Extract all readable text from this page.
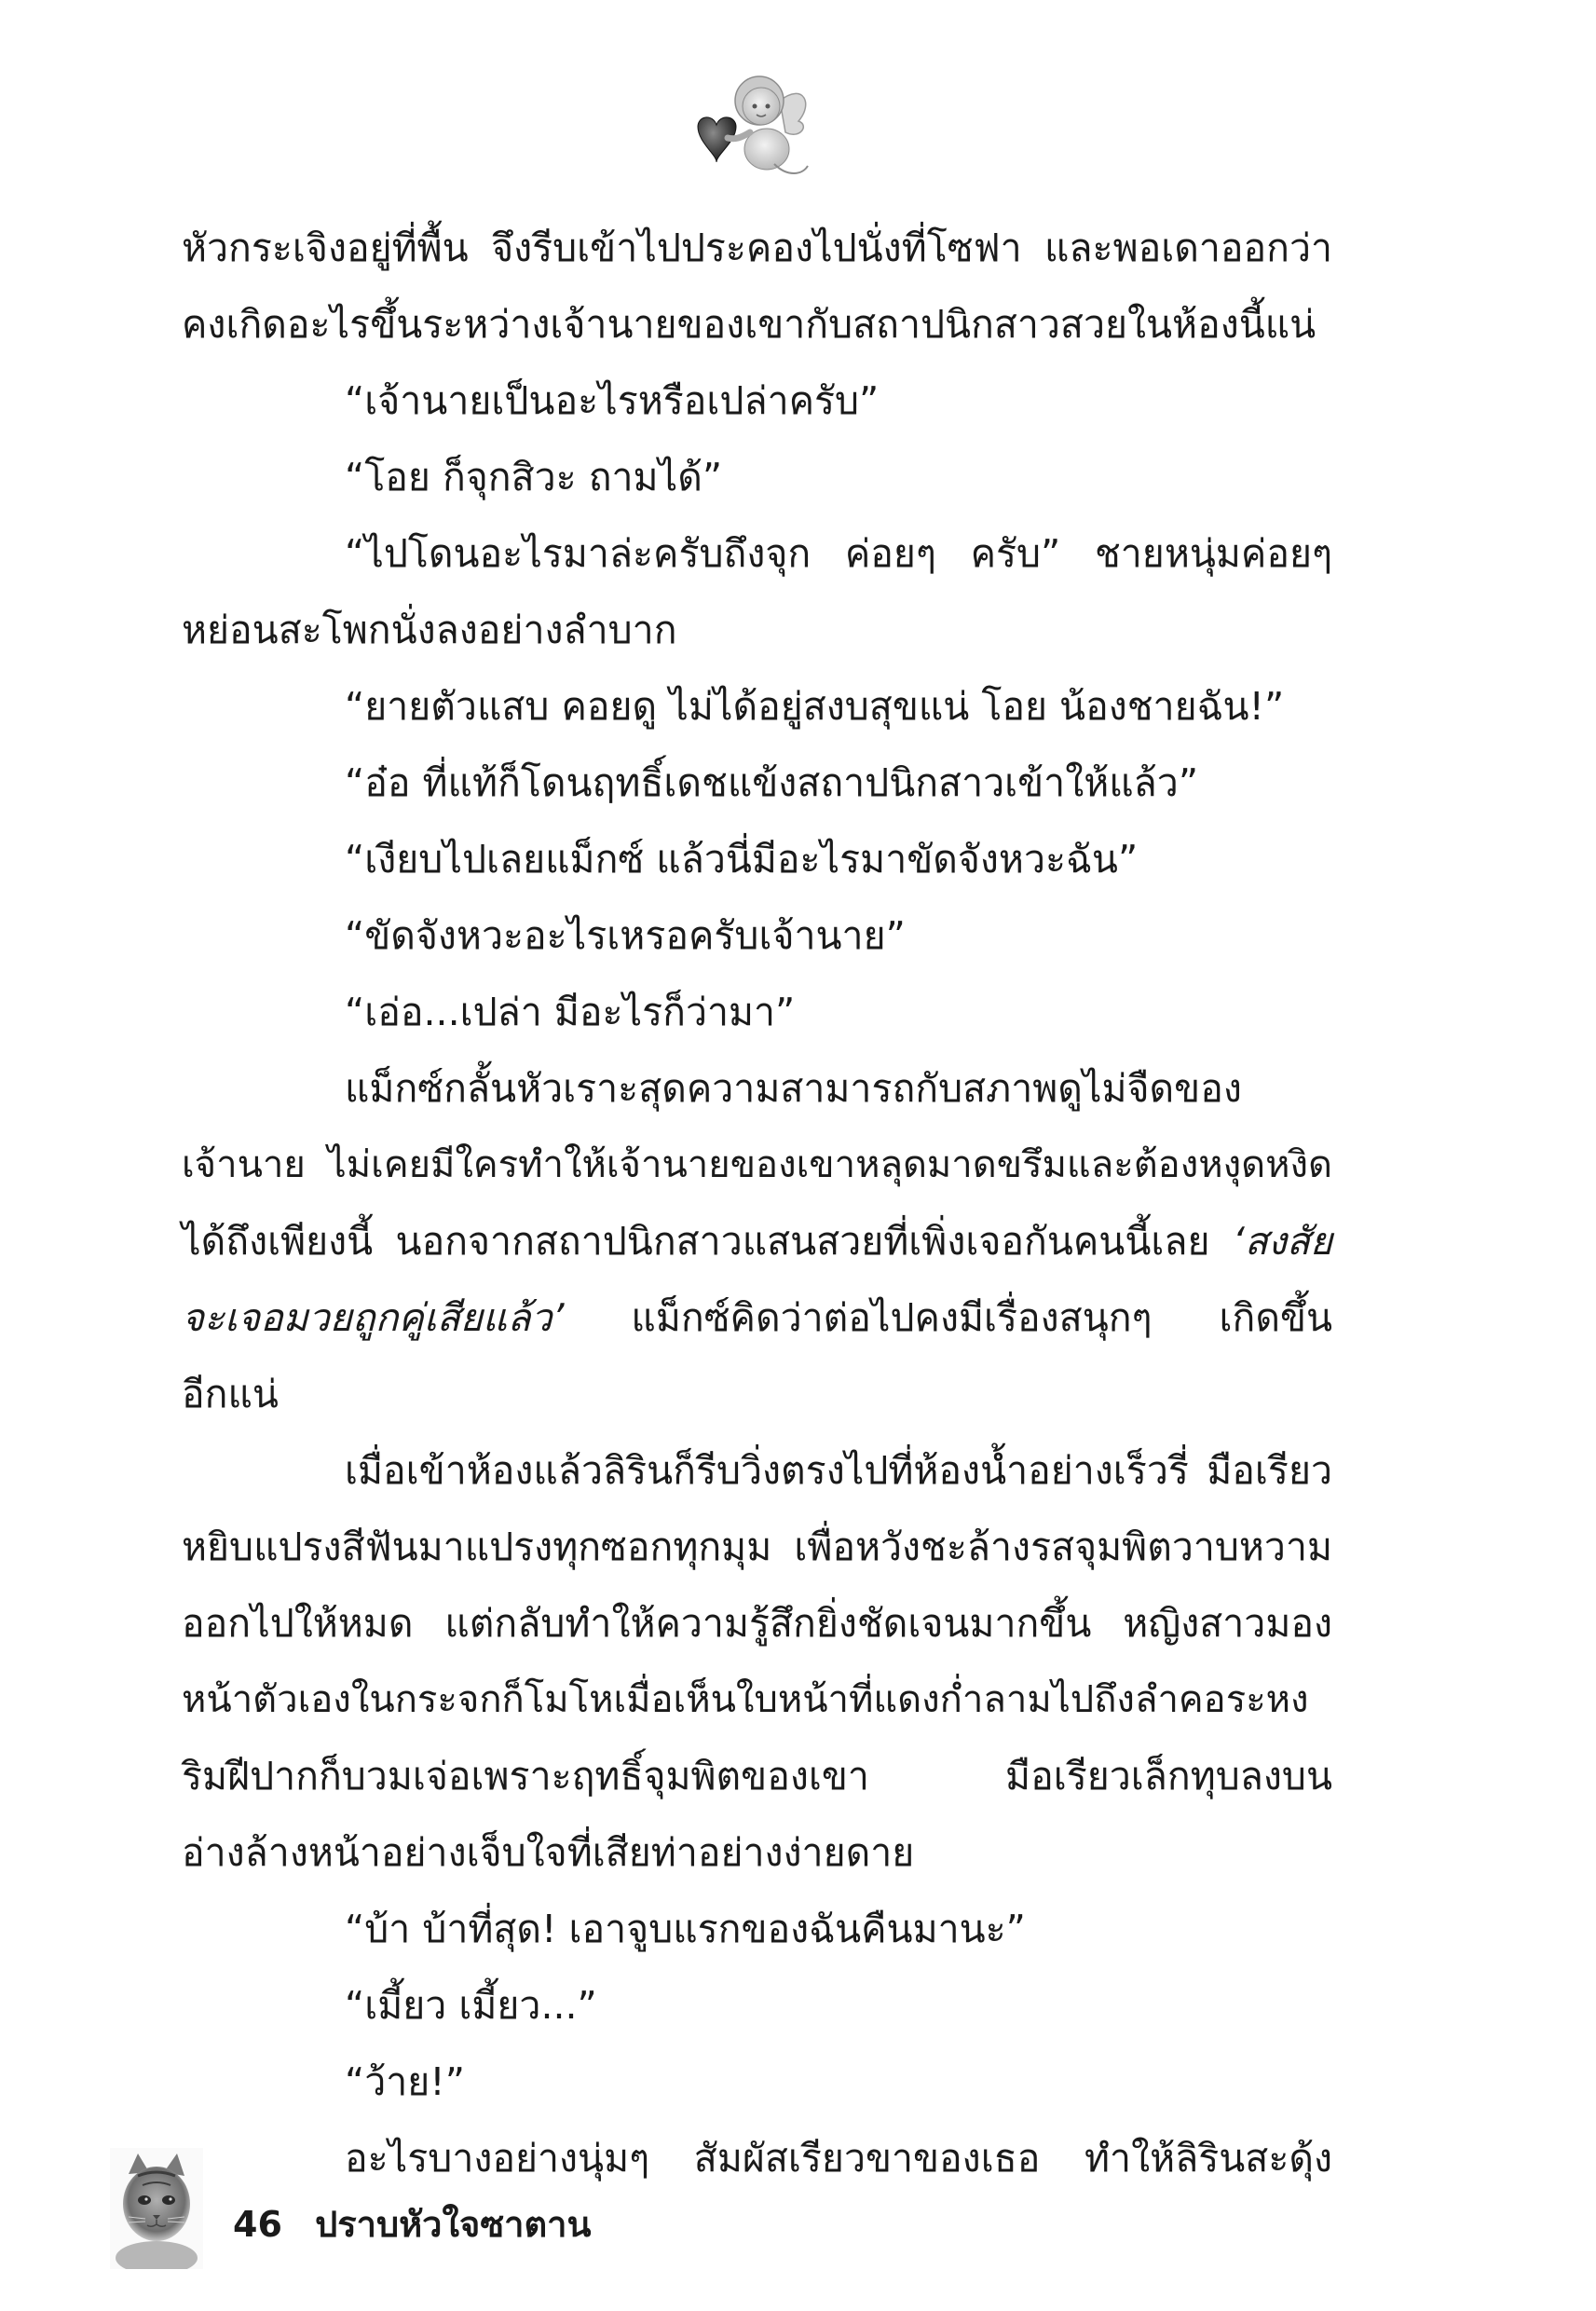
หัวกระเจิงอยู่ที่พื้น จึงรีบเข้าไปประคองไปนั่งที่โซฟา และพอเดาออกว่า
คงเกิดอะไรขึ้นระหว่างเจ้านายของเขากับสถาปนิกสาวสวยในห้องนี้แน่
“เจ้านายเป็นอะไรหรือเปล่าครับ”
“โอย ก็จุกสิวะ ถามได้”
“ไปโดนอะไรมาล่ะครับถึงจุก ค่อยๆ ครับ” ชายหนุ่มค่อยๆ
หย่อนสะโพกนั่งลงอย่างลำบาก
“ยายตัวแสบ คอยดู ไม่ได้อยู่สงบสุขแน่ โอย น้องชายฉัน!”
“อ๋อ ที่แท้ก็โดนฤทธิ์เดชแข้งสถาปนิกสาวเข้าให้แล้ว”
“เงียบไปเลยแม็กซ์ แล้วนี่มีอะไรมาขัดจังหวะฉัน”
“ขัดจังหวะอะไรเหรอครับเจ้านาย”
“เอ่อ...เปล่า มีอะไรก็ว่ามา”
แม็กซ์กลั้นหัวเราะสุดความสามารถกับสภาพดูไม่จืดของ
เจ้านาย ไม่เคยมีใครทำให้เจ้านายของเขาหลุดมาดขรึมและต้องหงุดหงิด
ได้ถึงเพียงนี้ นอกจากสถาปนิกสาวแสนสวยที่เพิ่งเจอกันคนนี้เลย ‘สงสัย
จะเจอมวยถูกคู่เสียแล้ว’ แม็กซ์คิดว่าต่อไปคงมีเรื่องสนุกๆ เกิดขึ้น
อีกแน่
เมื่อเข้าห้องแล้วลิรินก็รีบวิ่งตรงไปที่ห้องน้ำอย่างเร็วรี่ มือเรียว
หยิบแปรงสีฟันมาแปรงทุกซอกทุกมุม เพื่อหวังชะล้างรสจุมพิตวาบหวาม
ออกไปให้หมด แต่กลับทำให้ความรู้สึกยิ่งชัดเจนมากขึ้น หญิงสาวมอง
หน้าตัวเองในกระจกก็โมโหเมื่อเห็นใบหน้าที่แดงก่ำลามไปถึงลำคอระหง
ริมฝีปากก็บวมเจ่อเพราะฤทธิ์จุมพิตของเขา มือเรียวเล็กทุบลงบน
อ่างล้างหน้าอย่างเจ็บใจที่เสียท่าอย่างง่ายดาย
“บ้า บ้าที่สุด! เอาจูบแรกของฉันคืนมานะ”
“เมี้ยว เมี้ยว...”
“ว้าย!”
อะไรบางอย่างนุ่มๆ สัมผัสเรียวขาของเธอ ทำให้ลิรินสะดุ้ง
46 ปราบหัวใจซาตาน
